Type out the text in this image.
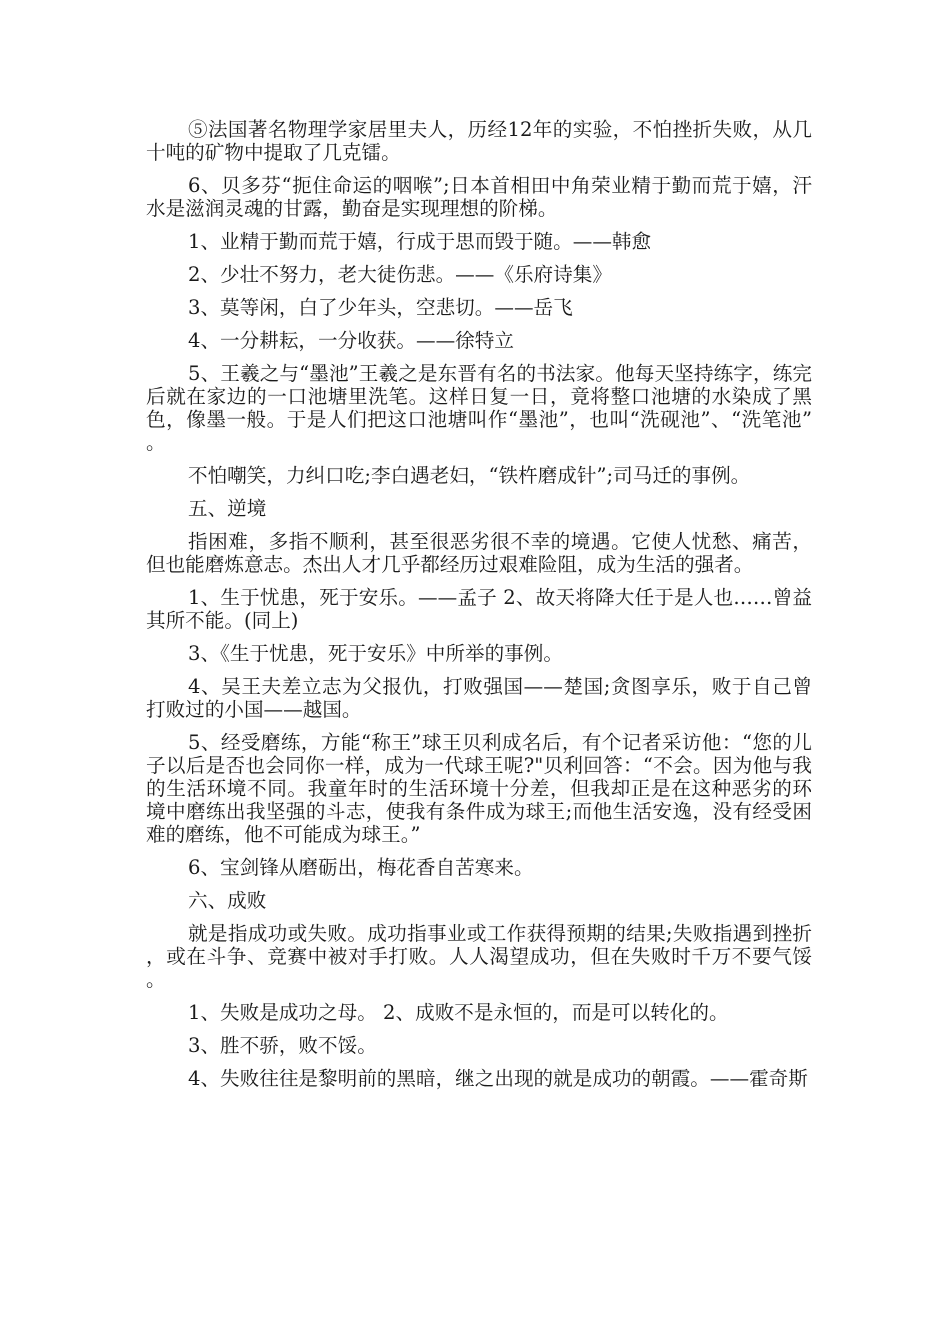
⑤法国著名物理学家居里夫人，历经12年的实验，不怕挫折失败，从几十吨的矿物中提取了几克镭。

6、贝多芬“扼住命运的咽喉”;日本首相田中角荣业精于勤而荒于嬉，汗水是滋润灵魂的甘露，勤奋是实现理想的阶梯。

1、业精于勤而荒于嬉，行成于思而毁于随。——韩愈

2、少壮不努力，老大徒伤悲。——《乐府诗集》

3、莫等闲，白了少年头，空悲切。——岳飞

4、一分耕耘，一分收获。——徐特立

5、王羲之与“墨池”王羲之是东晋有名的书法家。他每天坚持练字，练完后就在家边的一口池塘里洗笔。这样日复一日，竟将整口池塘的水染成了黑色，像墨一般。于是人们把这口池塘叫作“墨池”，也叫“洗砚池”、“洗笔池”。

不怕嘲笑，力纠口吃;李白遇老妇，“铁杵磨成针”;司马迁的事例。

五、逆境

指困难，多指不顺利，甚至很恶劣很不幸的境遇。它使人忧愁、痛苦，但也能磨炼意志。杰出人才几乎都经历过艰难险阻，成为生活的强者。

1、生于忧患，死于安乐。——孟子 2、故天将降大任于是人也……曾益其所不能。(同上)

3、《生于忧患，死于安乐》中所举的事例。

4、吴王夫差立志为父报仇，打败强国——楚国;贪图享乐，败于自己曾打败过的小国——越国。

5、经受磨练，方能“称王”球王贝利成名后，有个记者采访他：“您的儿子以后是否也会同你一样，成为一代球王呢?"贝利回答：“不会。因为他与我的生活环境不同。我童年时的生活环境十分差，但我却正是在这种恶劣的环境中磨练出我坚强的斗志，使我有条件成为球王;而他生活安逸，没有经受困难的磨练，他不可能成为球王。”

6、宝剑锋从磨砺出，梅花香自苦寒来。

六、成败

就是指成功或失败。成功指事业或工作获得预期的结果;失败指遇到挫折，或在斗争、竞赛中被对手打败。人人渴望成功，但在失败时千万不要气馁。

1、失败是成功之母。 2、成败不是永恒的，而是可以转化的。

3、胜不骄，败不馁。

4、失败往往是黎明前的黑暗，继之出现的就是成功的朝霞。——霍奇斯
